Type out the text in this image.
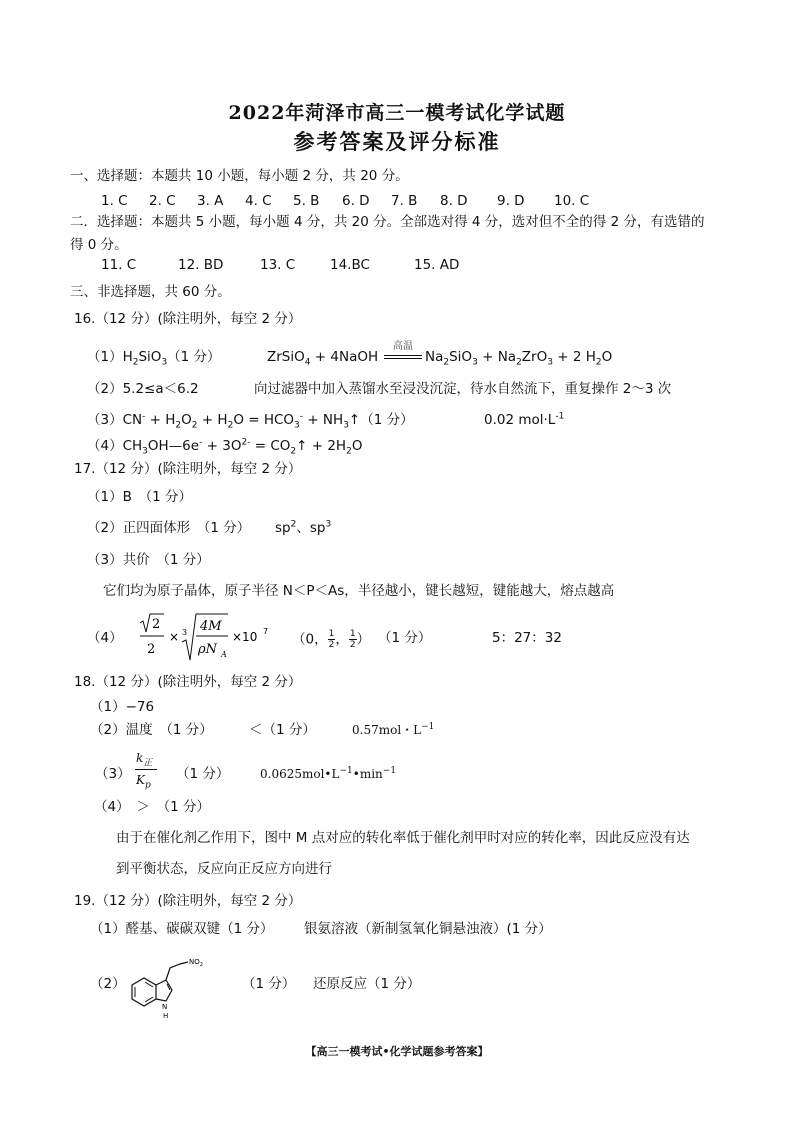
2022年菏泽市高三一模考试化学试题
参考答案及评分标准
一、选择题：本题共 10 小题，每小题 2 分，共 20 分。
1. C 2. C 3. A 4. C 5. B 6. D 7. B 8. D 9. D 10. C
二．选择题：本题共 5 小题，每小题 4 分，共 20 分。全部选对得 4 分，选对但不全的得 2 分，有选错的
得 0 分。
11. C	12. BD	13. C	14.BC	15. AD
三、非选择题，共 60 分。
16.（12 分）(除注明外，每空 2 分）
$(1)H_2SiO_3(1$ 分）	ZrSiO$_4$ + 4NaOH
高温
$Na_2SiO_3 + Na_2ZrO_3 + 2$ $H_2O$
（2）5.2≤a＜6.2	向过滤器中加入蒸馏水至浸没沉淀，待水自然流下，重复操作 2～3 次
$(3)CN^- + H_2O_2 + H_2O = HCO_3^-$ + $NH_3↑(1$ 分）	0.02 $mol\cdot L^{-1}$
$(4)CH_3OH—6e^- + 3O^{2-}$ = $CO_2↑ + 2H_2O$
17.（12 分）(除注明外，每空 2 分）
（1）B　（1 分）
（2）正四面体形　（1 分） $sp^2$、$sp^3$
（3）共价　（1 分）
它们均为原子晶体，原子半径 N＜P＜As，半径越小，键长越短，键能越大，熔点越高
（4）
2
2
× 3 4M
ρN A
×10 7 （0， $\frac{1}{2}$ ， $\frac{1}{2}$ ） （1 分）	5：27：32
18.（12 分）(除注明外，每空 2 分）
（1）−76
（2）温度　（1 分）	＜（1 分）	0.57mol・$L^{-1}$
（3）
$k_正$
$K_p$
（1 分）	$0.0625mol•L^{-1}•\min^{-1}$
（4）　＞　（1 分）
由于在催化剂乙作用下，图中 M 点对应的转化率低于催化剂甲时对应的转化率，因此反应没有达
到平衡状态，反应向正反应方向进行
19.（12 分）(除注明外，每空 2 分）
（1）醛基、碳碳双键（1 分） 银氨溶液（新制氢氧化铜悬浊液）(1 分）
（2）
N
H
$NO_2$
（1 分） 还原反应（1 分）
【高三一模考试•化学试题参考答案】
